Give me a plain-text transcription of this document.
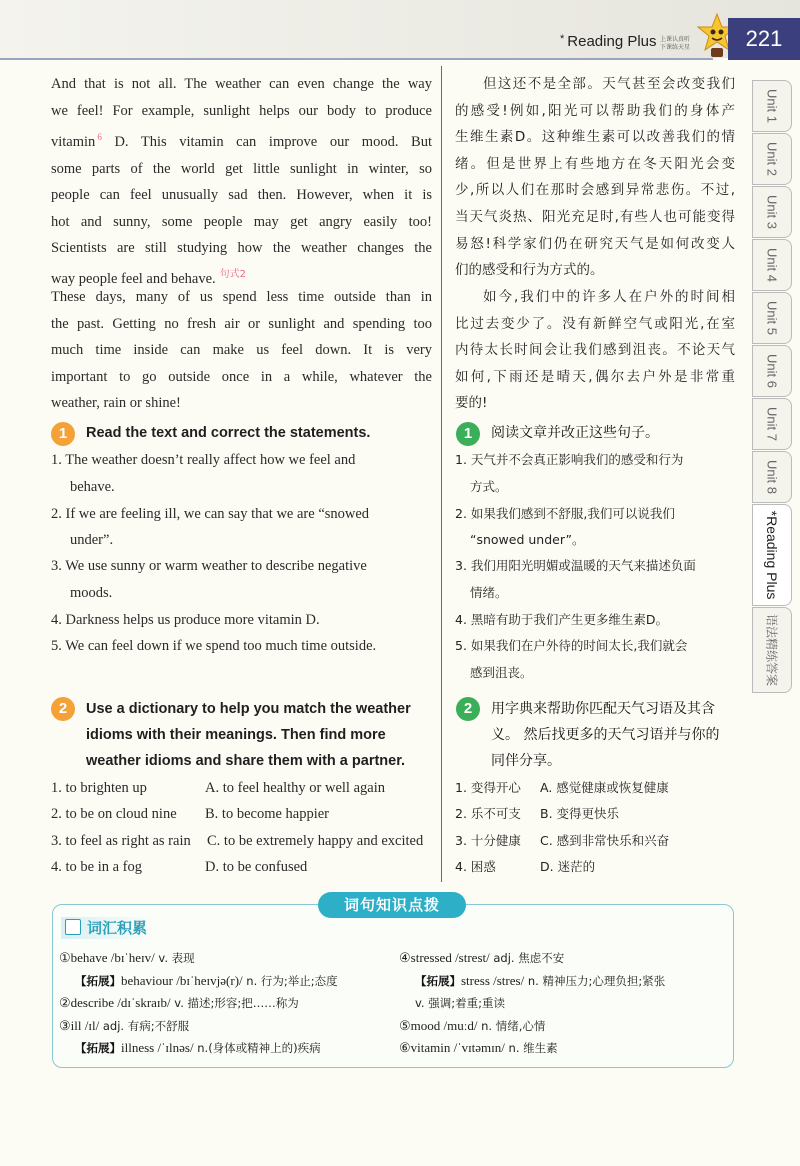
* Reading Plus 上课认真听
下课练天星	221
And that is not all. The weather can even change the way
we feel! For example, sunlight helps our body to produce
vitamin $^6$ D. This vitamin can improve our mood. But
some parts of the world get little sunlight in winter, so
people can feel unusually sad then. However, when it is
hot and sunny, some people may get angry easily too!
Scientists are still studying how the weather changes the
way people feel and behave. $^{句式2}$
These days, many of us spend less time outside than in
the past. Getting no fresh air or sunlight and spending too
much time inside can make us feel down. It is very
important to go outside once in a while, whatever the
weather, rain or shine!
但这还不是全部。天气甚至会改变我们
的感受!例如,阳光可以帮助我们的身体产
生维生素D。这种维生素可以改善我们的情
绪。但是世界上有些地方在冬天阳光会变
少,所以人们在那时会感到异常悲伤。不过,
当天气炎热、阳光充足时,有些人也可能变得
易怒!科学家们仍在研究天气是如何改变人
们的感受和行为方式的。
如今,我们中的许多人在户外的时间相
比过去变少了。没有新鲜空气或阳光,在室
内待太长时间会让我们感到沮丧。不论天气
如何,下雨还是晴天,偶尔去户外是非常重
要的!
1	Read the text and correct the statements.
1. The weather doesn’t really affect how we feel and
behave.
2. If we are feeling ill, we can say that we are “snowed
under”.
3. We use sunny or warm weather to describe negative
moods.
4. Darkness helps us produce more vitamin D.
5. We can feel down if we spend too much time outside.
1	阅读文章并改正这些句子。
1. 天气并不会真正影响我们的感受和行为
方式。
2. 如果我们感到不舒服,我们可以说我们
“snowed under”。
3. 我们用阳光明媚或温暖的天气来描述负面
情绪。
4. 黑暗有助于我们产生更多维生素D。
5. 如果我们在户外待的时间太长,我们就会
感到沮丧。
2	Use a dictionary to help you match the weather
idioms with their meanings. Then find more
weather idioms and share them with a partner.
1. to brighten up	A. to feel healthy or well again
2. to be on cloud nine B. to become happier
3. to feel as right as rain C. to be extremely happy and excited
4. to be in a fog	D. to be confused
2	用字典来帮助你匹配天气习语及其含
义。 然后找更多的天气习语并与你的
同伴分享。
1. 变得开心 A. 感觉健康或恢复健康
2. 乐不可支 B. 变得更快乐
3. 十分健康 C. 感到非常快乐和兴奋
4. 困惑	D. 迷茫的
词汇积累
①behave /bɪˈheɪv/ v. 表现
【拓展】behaviour /bɪˈheɪvjə(r)/ n. 行为;举止;态度
②describe /dɪˈskraɪb/ v. 描述;形容;把……称为
③ill /ɪl/ adj. 有病;不舒服
【拓展】illness /ˈɪlnəs/ n.(身体或精神上的)疾病
④stressed /strest/ adj. 焦虑不安
【拓展】stress /stres/ n. 精神压力;心理负担;紧张
v. 强调;着重;重读
⑤mood /muːd/ n. 情绪,心情
⑥vitamin /ˈvɪtəmɪn/ n. 维生素
词句知识点拨
Unit 1
Unit 2
Unit 3
Unit 4
Unit 5
Unit 6
Unit 7
Unit 8
*Reading Plus
语法精练答案
